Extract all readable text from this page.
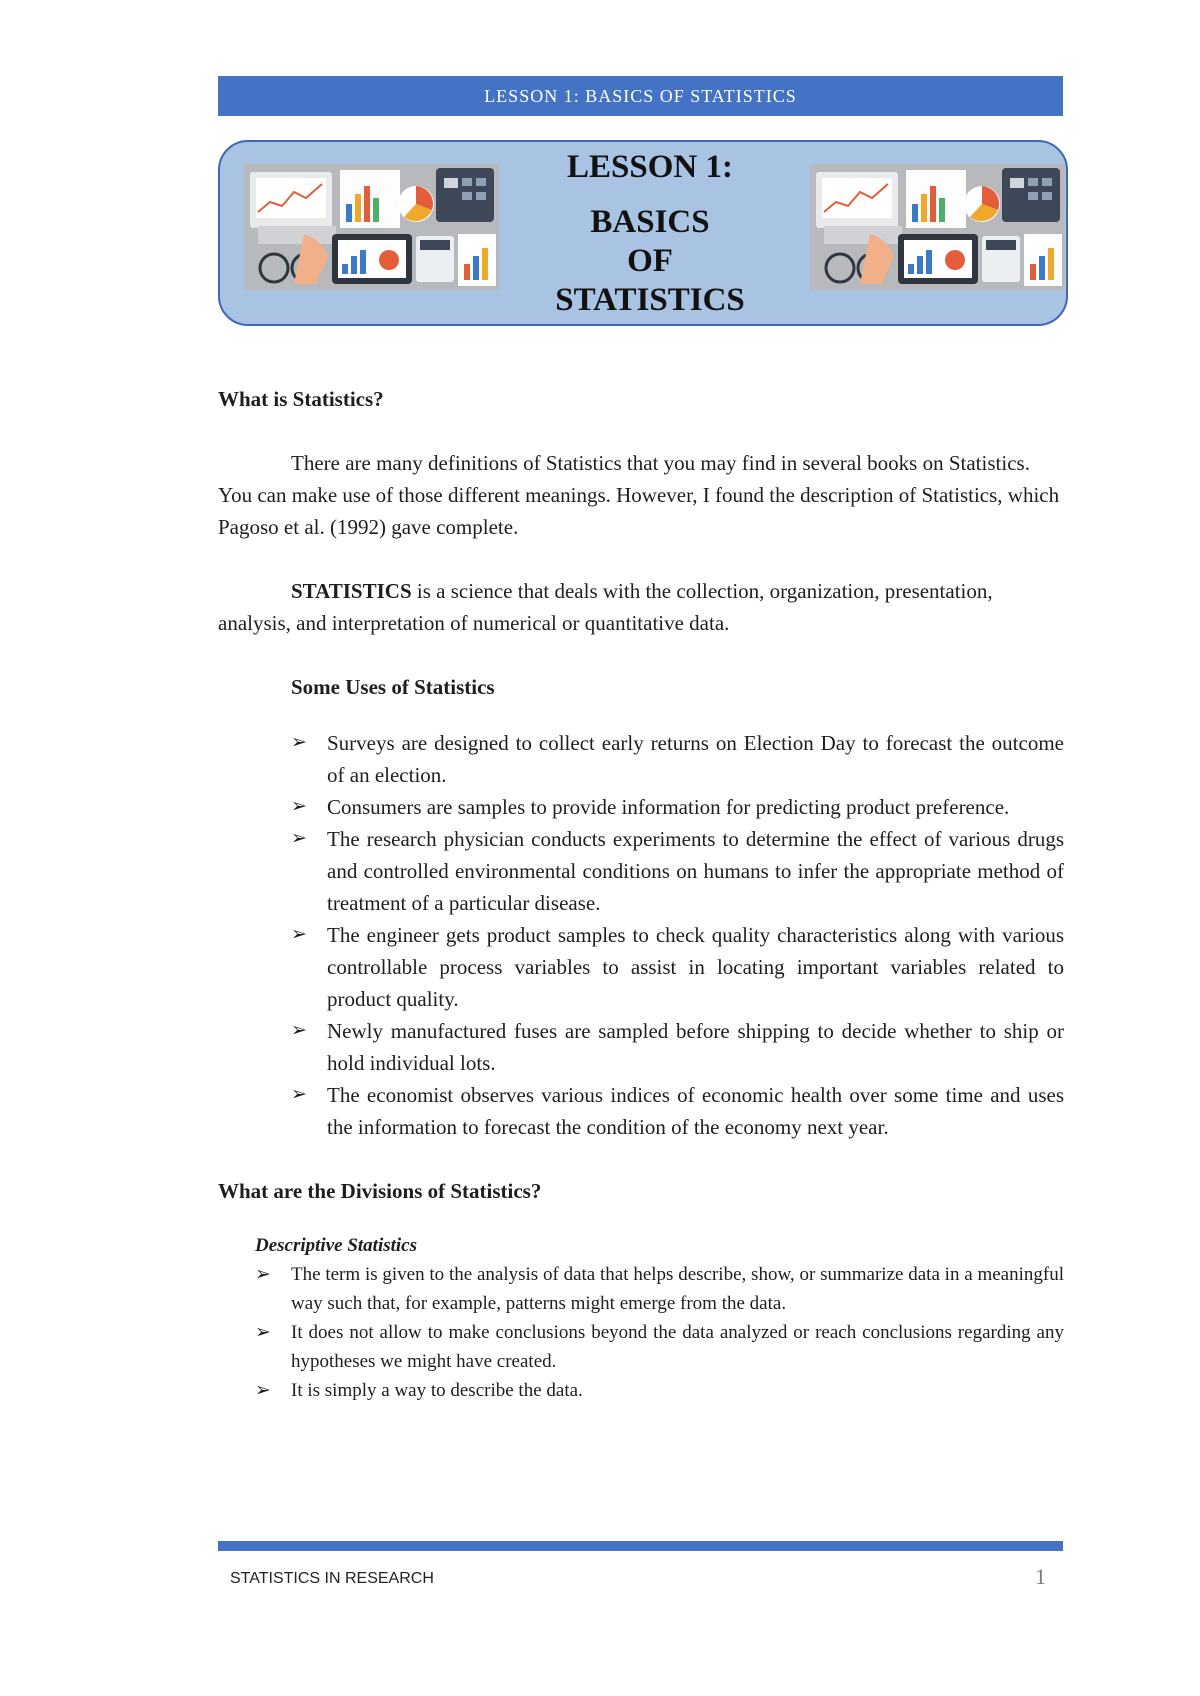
LESSON 1: BASICS OF STATISTICS
LESSON 1:
BASICS
OF
STATISTICS

What is Statistics?

There are many definitions of Statistics that you may find in several books on Statistics. You can make use of those different meanings. However, I found the description of Statistics, which Pagoso et al. (1992) gave complete.

STATISTICS is a science that deals with the collection, organization, presentation, analysis, and interpretation of numerical or quantitative data.

Some Uses of Statistics

➢ Surveys are designed to collect early returns on Election Day to forecast the outcome of an election.
➢ Consumers are samples to provide information for predicting product preference.
➢ The research physician conducts experiments to determine the effect of various drugs and controlled environmental conditions on humans to infer the appropriate method of treatment of a particular disease.
➢ The engineer gets product samples to check quality characteristics along with various controllable process variables to assist in locating important variables related to product quality.
➢ Newly manufactured fuses are sampled before shipping to decide whether to ship or hold individual lots.
➢ The economist observes various indices of economic health over some time and uses the information to forecast the condition of the economy next year.

What are the Divisions of Statistics?

Descriptive Statistics

➢ The term is given to the analysis of data that helps describe, show, or summarize data in a meaningful way such that, for example, patterns might emerge from the data.
➢ It does not allow to make conclusions beyond the data analyzed or reach conclusions regarding any hypotheses we might have created.
➢ It is simply a way to describe the data.
STATISTICS IN RESEARCH	1
